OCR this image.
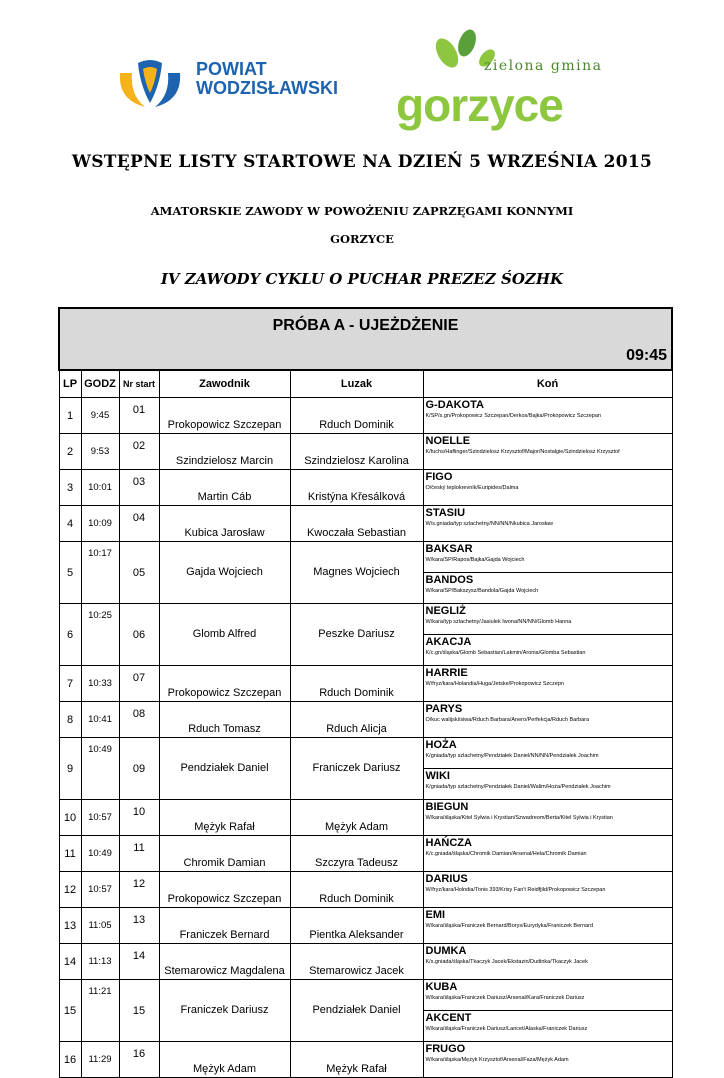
POWIAT
WODZISŁAWSKI
zielona gmina
gorzyce
WSTĘPNE LISTY STARTOWE NA DZIEŃ 5 WRZEŚNIA 2015
AMATORSKIE ZAWODY W POWOŻENIU ZAPRZĘGAMI KONNYMI
GORZYCE
IV ZAWODY CYKLU O PUCHAR PREZEZ ŚOZHK
PRÓBA A - UJEŻDŻENIE
09:45					

LP	GODZ	Nr start	Zawodnik	Luzak	Koń
1	9:45	01	Prokopowicz Szczepan	Rduch Dominik	G-DAKOTA
K/SP/s.gn/Prokopowicz Szczepan/Derkos/Bajka/Prokopowicz Szczepan

2	9:53	02	Szindzielosz Marcin	Szindzielosz Karolina	NOELLE
K/fuchs/Haflinger/Szindzielosz Krzysztof/Major/Nostalgie/Szindzielosz Krzysztof

3	10:01	03	Martin Cáb	Kristýna Křesálková	FIGO
O/český teplokrevník/Euripides/Dalma

4	10:09	04	Kubica Jarosław	Kwoczała Sebastian	STASIU
W/s.gniada/typ szlachetny/NN/NN/Nkubica Jarosław

5	10:17	05	Gajda Wojciech	Magnes Wojciech	BAKSAR
W/kara/SP/Rapos/Bajka/Gajda Wojciech

					BANDOS
W/kara/SP/Bakszysz/Bandola/Gajda Wojciech

6	10:25	06	Glomb Alfred	Peszke Dariusz	NEGLIŻ
W/kara/typ szlachetny/Jasiulek Iwona/NN/NN/Glomb Hanna

					AKACJA
K/c.gn/śląska/Glomb Sebastian/Lakmin/Aronia/Glomba Sebastian

7	10:33	07	Prokopowicz Szczepan	Rduch Dominik	HARRIE
W/fryz/kara/Holandia/Huga/Jetske/Prokopowicz Szczepn

8	10:41	08	Rduch Tomasz	Rduch Alicja	PARYS
O/kuc walijski/siwa/Rduch Barbara/Anero/Perfekcja/Rduch Barbara

9	10:49	09	Pendziałek Daniel	Franiczek Dariusz	HOŻA
K/gniada/typ szlachetny/Pendziałek Daniel/NN/NN/Pendziałek Joachim

					WIKI
K/gniada/typ szlachetny/Pendziałek Daniel/Walim/Hoża/Pendziałek Joachim

10	10:57	10	Mężyk Rafał	Mężyk Adam	BIEGUN
W/kara/śląska/Kitel Sylwia i Krystian/Szwadreom/Berta/Kitel Sylwia i Krystian

11	10:49	11	Chromik Damian	Szczyra Tadeusz	HAŃCZA
K/c.gniada/śląska/Chromik Damian/Arsenal/Hela/Chromik Damian

12	10:57	12	Prokopowicz Szczepan	Rduch Dominik	DARIUS
W/fryz/kara/Holndia/Tonis 393/Krisy Fan't Reidfjild/Prokopowicz Szczepan

13	11:05	13	Franiczek Bernard	Pientka Aleksander	EMI
W/kara/śląska/Franiczek Bernard/Borys/Eurydyka/Franiczek Bernard

14	11:13	14	Stemarowicz Magdalena	Stemarowicz Jacek	DUMKA
K/s.gniada/śląska/Tkaczyk Jacek/Ekstazin/Dudinka/Tkaczyk Jacek

15	11:21	15	Franiczek Dariusz	Pendziałek Daniel	KUBA
W/kara/śląska/Franiczek Dariusz/Arsenal/Kara/Franiczek Dariusz

					AKCENT
W/kara/śląska/Franiczek Dariusz/Lancet/Alaska/Franiczek Dariusz

16	11:29	16	Mężyk Adam	Mężyk Rafał	FRUGO
W/kara/śląska/Mężyk Krzysztof/Arsenal/Faza/Mężyk Adam
